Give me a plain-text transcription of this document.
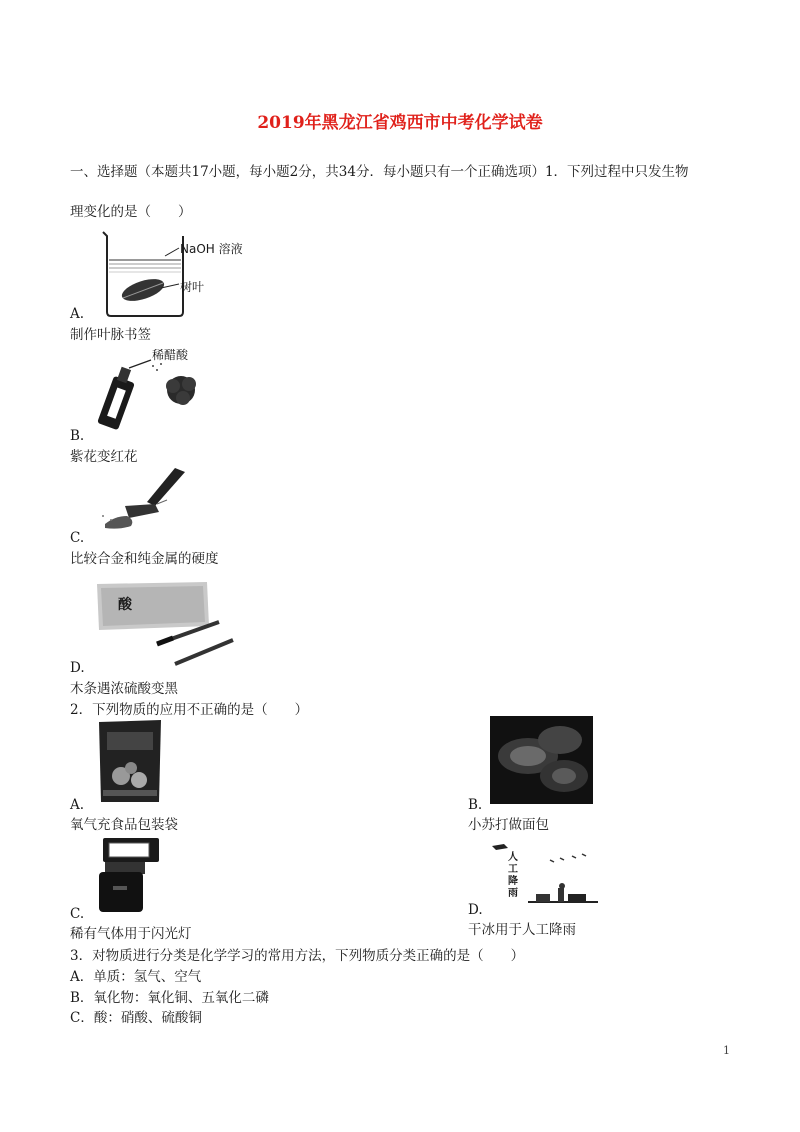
2019年黑龙江省鸡西市中考化学试卷
一、选择题（本题共17小题，每小题2分，共34分．每小题只有一个正确选项）1．下列过程中只发生物
理变化的是（　　）
NaOH 溶液
树叶
A.
制作叶脉书签
稀醋酸
B.
紫花变红花
C.
比较合金和纯金属的硬度
酸
D.
木条遇浓硫酸变黑
2．下列物质的应用不正确的是（　　）
A.
氧气充食品包装袋
B.
小苏打做面包
C.
稀有气体用于闪光灯
人
工
降
雨
D.
干冰用于人工降雨
3．对物质进行分类是化学学习的常用方法，下列物质分类正确的是（　　）
A．单质：氢气、空气
B．氧化物：氧化铜、五氧化二磷
C．酸：硝酸、硫酸铜
1
